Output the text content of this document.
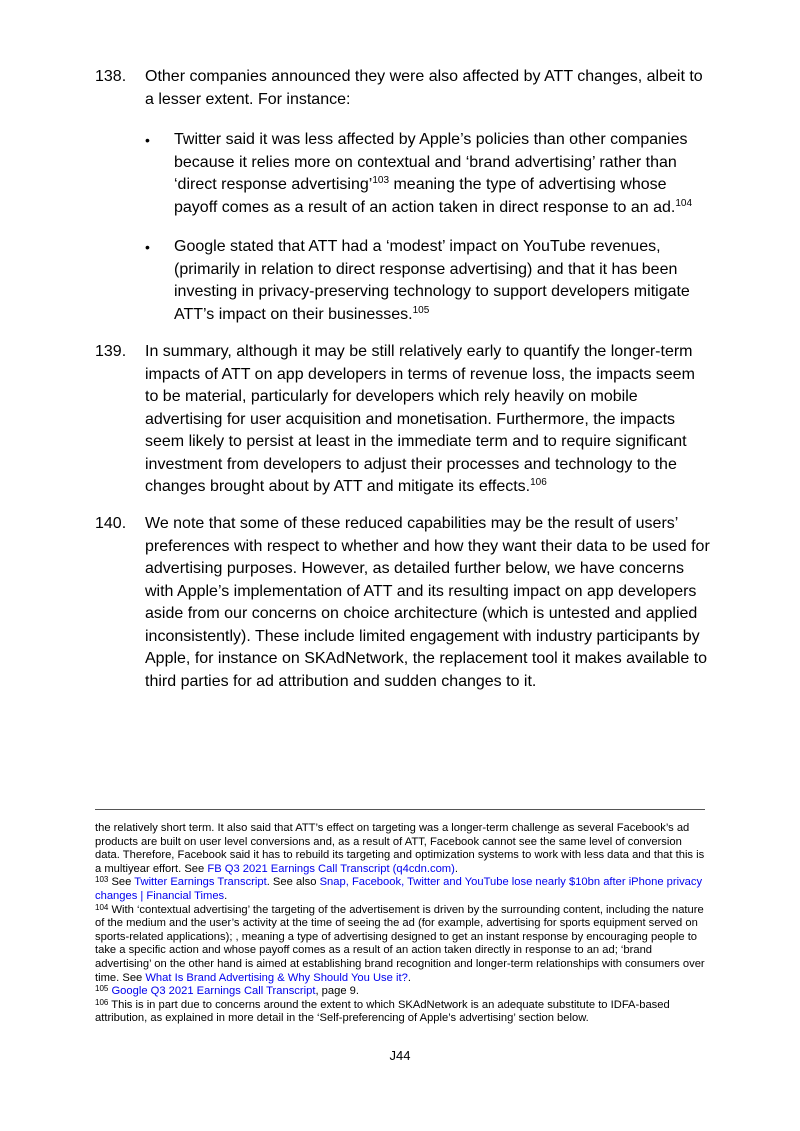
138. Other companies announced they were also affected by ATT changes, albeit to a lesser extent. For instance:
• Twitter said it was less affected by Apple’s policies than other companies because it relies more on contextual and ‘brand advertising’ rather than ‘direct response advertising’$^{103}$ meaning the type of advertising whose payoff comes as a result of an action taken in direct response to an ad.$^{104}$
• Google stated that ATT had a ‘modest’ impact on YouTube revenues, (primarily in relation to direct response advertising) and that it has been investing in privacy-preserving technology to support developers mitigate ATT’s impact on their businesses.$^{105}$
139. In summary, although it may be still relatively early to quantify the longer-term impacts of ATT on app developers in terms of revenue loss, the impacts seem to be material, particularly for developers which rely heavily on mobile advertising for user acquisition and monetisation. Furthermore, the impacts seem likely to persist at least in the immediate term and to require significant investment from developers to adjust their processes and technology to the changes brought about by ATT and mitigate its effects.$^{106}$
140. We note that some of these reduced capabilities may be the result of users’ preferences with respect to whether and how they want their data to be used for advertising purposes. However, as detailed further below, we have concerns with Apple’s implementation of ATT and its resulting impact on app developers aside from our concerns on choice architecture (which is untested and applied inconsistently). These include limited engagement with industry participants by Apple, for instance on SKAdNetwork, the replacement tool it makes available to third parties for ad attribution and sudden changes to it.

the relatively short term. It also said that ATT’s effect on targeting was a longer-term challenge as several Facebook’s ad products are built on user level conversions and, as a result of ATT, Facebook cannot see the same level of conversion data. Therefore, Facebook said it has to rebuild its targeting and optimization systems to work with less data and that this is a multiyear effort. See FB Q3 2021 Earnings Call Transcript (q4cdn.com).

$^{103}$ See Twitter Earnings Transcript. See also Snap, Facebook, Twitter and YouTube lose nearly $10bn after iPhone privacy changes | Financial Times.

$^{104}$ With ‘contextual advertising’ the targeting of the advertisement is driven by the surrounding content, including the nature of the medium and the user’s activity at the time of seeing the ad (for example, advertising for sports equipment served on sports-related applications); , meaning a type of advertising designed to get an instant response by encouraging people to take a specific action and whose payoff comes as a result of an action taken directly in response to an ad; ‘brand advertising’ on the other hand is aimed at establishing brand recognition and longer-term relationships with consumers over time. See What Is Brand Advertising & Why Should You Use it?.

$^{105}$ Google Q3 2021 Earnings Call Transcript, page 9.

$^{106}$ This is in part due to concerns around the extent to which SKAdNetwork is an adequate substitute to IDFA-based attribution, as explained in more detail in the ‘Self-preferencing of Apple’s advertising’ section below.

J44
